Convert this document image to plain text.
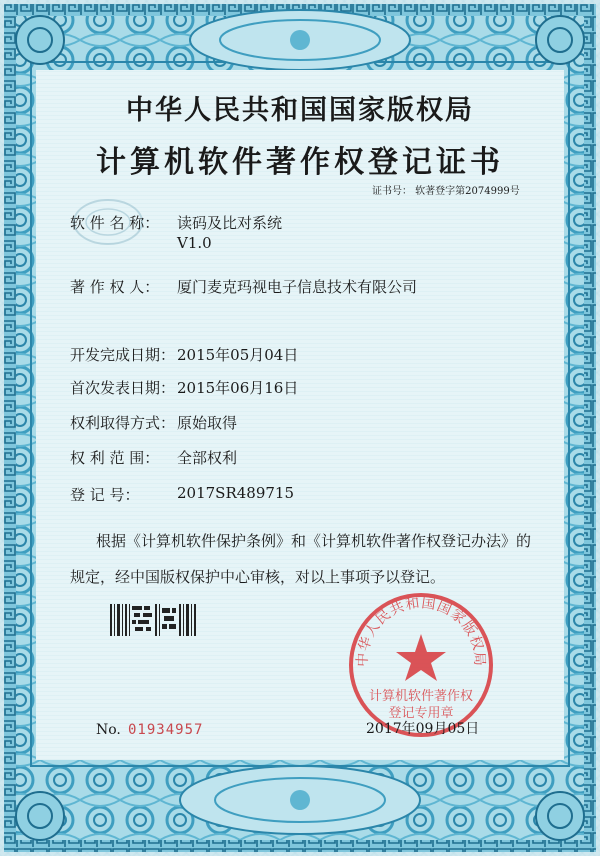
中华人民共和国国家版权局
计算机软件著作权登记证书
证书号： 软著登字第2074999号
软 件 名 称： 读码及比对系统
V1.0
著 作 权 人： 厦门麦克玛视电子信息技术有限公司
开发完成日期： 2015年05月04日
首次发表日期： 2015年06月16日
权利取得方式： 原始取得
权 利 范 围： 全部权利
登 记 号： 2017SR489715
根据《计算机软件保护条例》和《计算机软件著作权登记办法》的
规定，经中国版权保护中心审核，对以上事项予以登记。
中华人民共和国国家版权局
计算机软件著作权
登记专用章
No. 01934957	2017年09月05日
